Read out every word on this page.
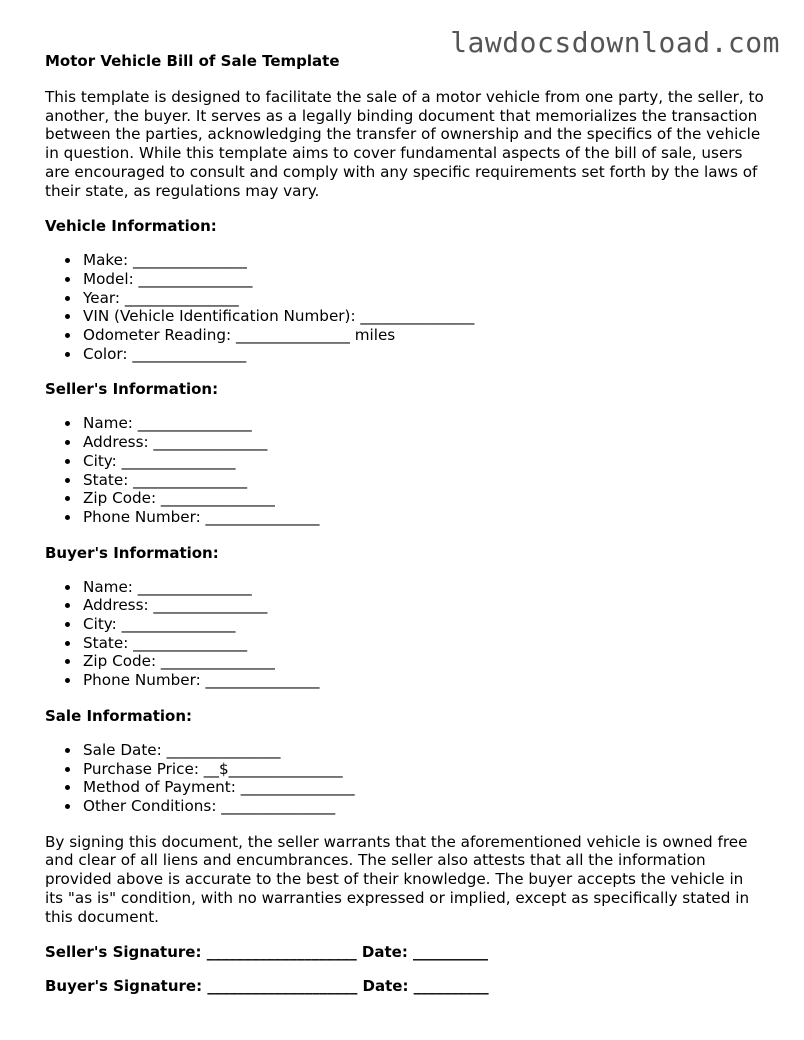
lawdocsdownload.com

Motor Vehicle Bill of Sale Template

This template is designed to facilitate the sale of a motor vehicle from one party, the seller, to another, the buyer. It serves as a legally binding document that memorializes the transaction between the parties, acknowledging the transfer of ownership and the specifics of the vehicle in question. While this template aims to cover fundamental aspects of the bill of sale, users are encouraged to consult and comply with any specific requirements set forth by the laws of their state, as regulations may vary.

Vehicle Information:

Make: _______________
Model: _______________
Year: _______________
VIN (Vehicle Identification Number): _______________
Odometer Reading: _______________ miles
Color: _______________

Seller's Information:

Name: _______________
Address: _______________
City: _______________
State: _______________
Zip Code: _______________
Phone Number: _______________

Buyer's Information:

Name: _______________
Address: _______________
City: _______________
State: _______________
Zip Code: _______________
Phone Number: _______________

Sale Information:

Sale Date: _______________
Purchase Price: __$_______________
Method of Payment: _______________
Other Conditions: _______________

By signing this document, the seller warrants that the aforementioned vehicle is owned free and clear of all liens and encumbrances. The seller also attests that all the information provided above is accurate to the best of their knowledge. The buyer accepts the vehicle in its "as is" condition, with no warranties expressed or implied, except as specifically stated in this document.

Seller's Signature: ____________________ Date: __________

Buyer's Signature: ____________________ Date: __________
